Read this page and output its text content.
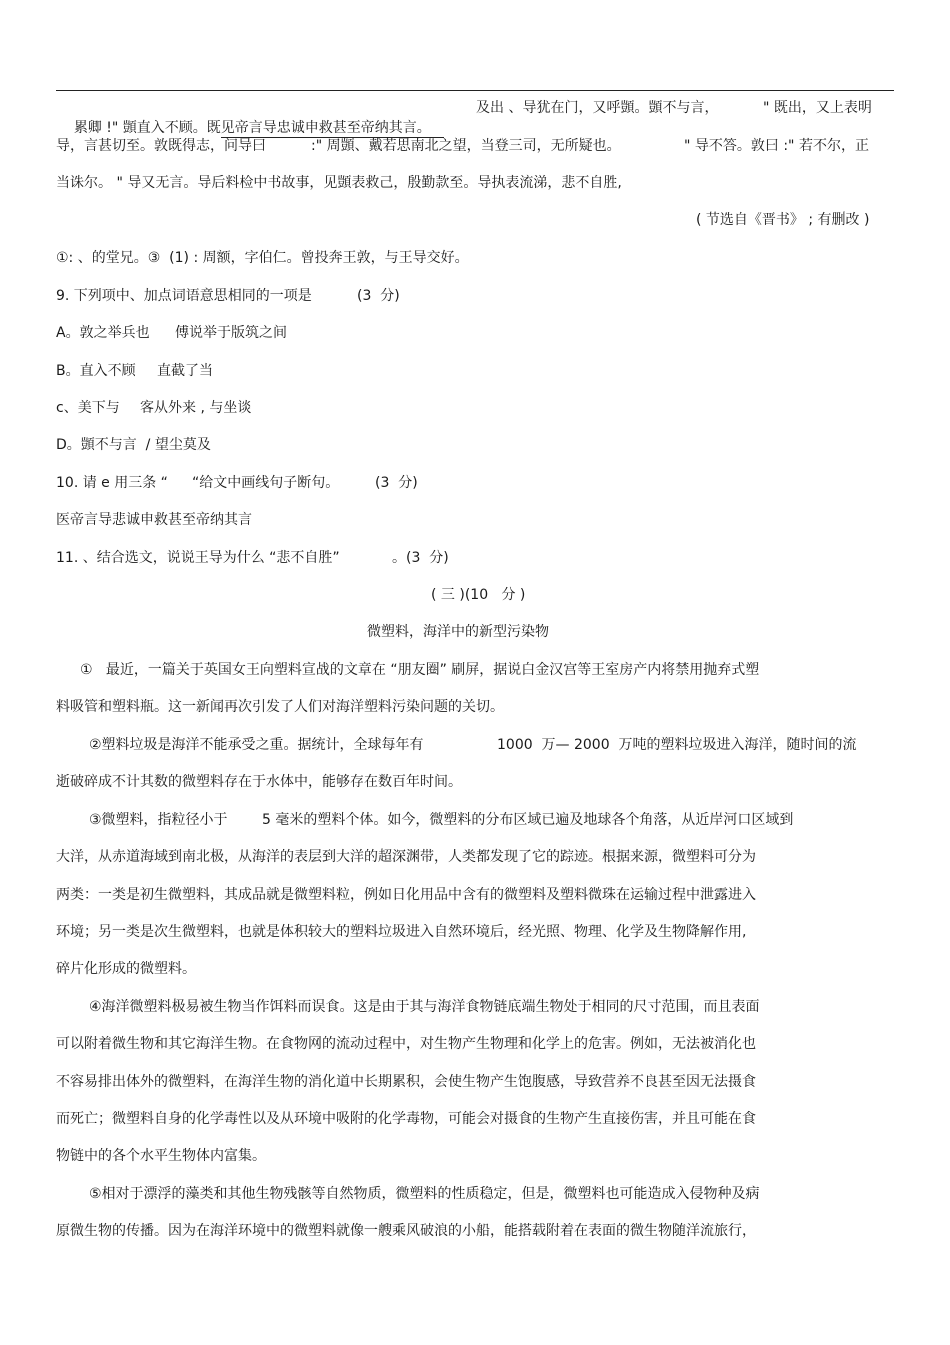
累卿 !" 顗直入不顾。既见帝言导忠诚申救甚至帝纳其言。

及出 、导犹在门，又呼顗。顗不与言，	" 既出，又上表明
导，言甚切至。敦既得志，问导曰	:" 周顗、戴若思南北之望，当登三司，无所疑也。	" 导不答。敦曰 :" 若不尔，正
当诛尔。 " 导又无言。导后料检中书故事，见顗表救己，殷勤款至。导执表流涕，悲不自胜,
( 节选自《晋书》 ; 有删改 )
①: 、的堂兄。③  (1) : 周额，字伯仁。曾投奔王敦，与王导交好。
9. 下列项中、加点词语意思相同的一项是	(3  分)
A。敦之举兵也 傅说举于版筑之间
B。直入不顾 直截了当
c、美下与 客从外来 , 与坐谈
D。顗不与言  / 望尘莫及
10. 请 e 用三条 “ “给文中画线句子断句。	(3  分)
医帝言导悲诚申救甚至帝纳其言
11. 、结合选文，说说王导为什么 “悲不自胜”	。(3  分)
( 三 )(10   分 )
微塑料，海洋中的新型污染物
①   最近，一篇关于英国女王向塑料宣战的文章在 “朋友圈” 刷屏，据说白金汉宫等王室房产内将禁用抛弃式塑
料吸管和塑料瓶。这一新闻再次引发了人们对海洋塑料污染问题的关切。
②塑料垃圾是海洋不能承受之重。据统计，全球每年有	1000  万— 2000  万吨的塑料垃圾进入海洋，随时间的流
逝破碎成不计其数的微塑料存在于水体中，能够存在数百年时间。
③微塑料，指粒径小于 5 毫米的塑料个体。如今，微塑料的分布区域已遍及地球各个角落，从近岸河口区域到
大洋，从赤道海域到南北极，从海洋的表层到大洋的超深渊带，人类都发现了它的踪迹。根据来源，微塑料可分为
两类：一类是初生微塑料，其成品就是微塑料粒，例如日化用品中含有的微塑料及塑料微珠在运输过程中泄露进入
环境；另一类是次生微塑料，也就是体积较大的塑料垃圾进入自然环境后，经光照、物理、化学及生物降解作用,
碎片化形成的微塑料。
④海洋微塑料极易被生物当作饵料而误食。这是由于其与海洋食物链底端生物处于相同的尺寸范围，而且表面
可以附着微生物和其它海洋生物。在食物网的流动过程中，对生物产生物理和化学上的危害。例如，无法被消化也
不容易排出体外的微塑料，在海洋生物的消化道中长期累积，会使生物产生饱腹感，导致营养不良甚至因无法摄食
而死亡；微塑料自身的化学毒性以及从环境中吸附的化学毒物，可能会对摄食的生物产生直接伤害，并且可能在食
物链中的各个水平生物体内富集。
⑤相对于漂浮的藻类和其他生物残骸等自然物质，微塑料的性质稳定，但是，微塑料也可能造成入侵物种及病
原微生物的传播。因为在海洋环境中的微塑料就像一艘乘风破浪的小船，能搭载附着在表面的微生物随洋流旅行，
